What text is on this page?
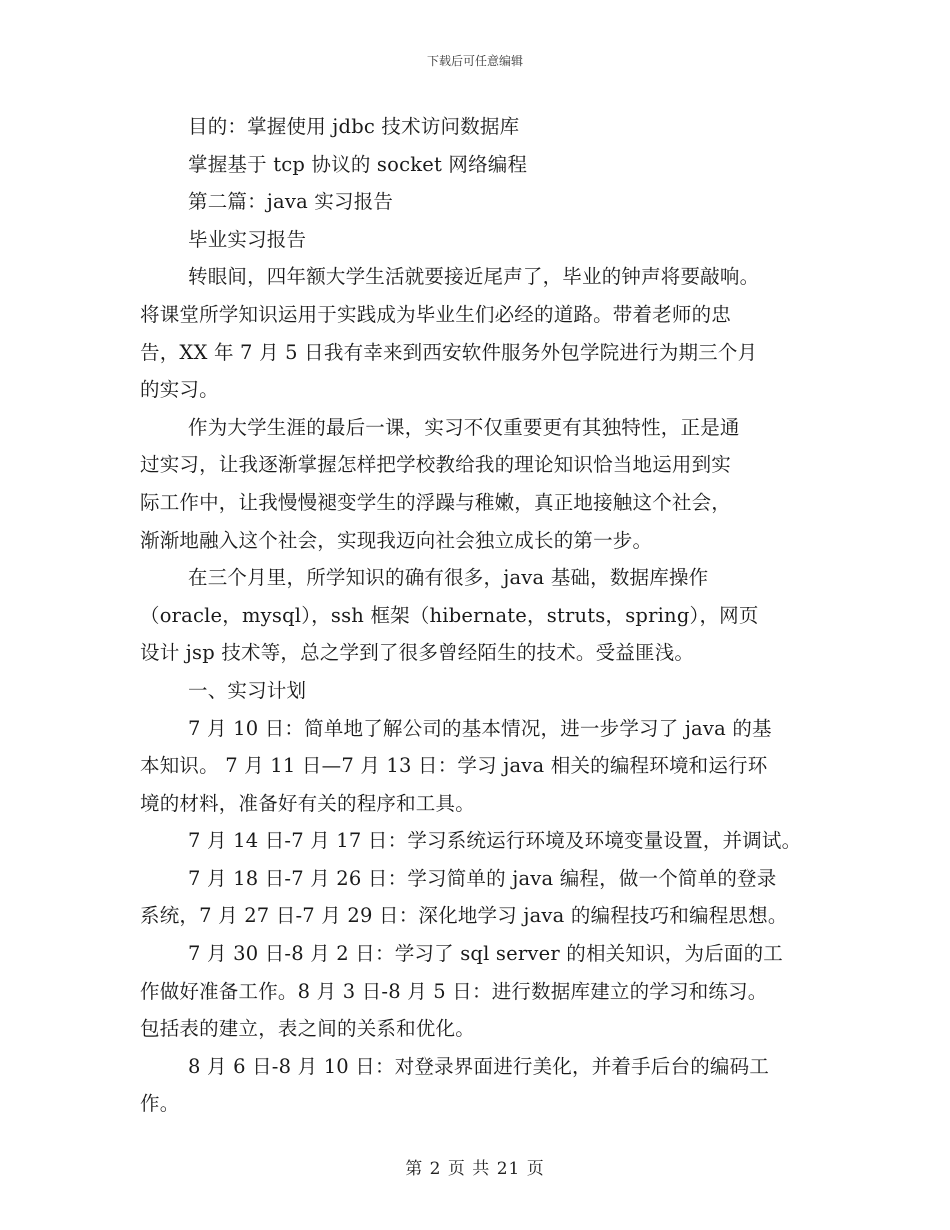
下载后可任意编辑
目的：掌握使用 jdbc 技术访问数据库
掌握基于 tcp 协议的 socket 网络编程
第二篇：java 实习报告
毕业实习报告
转眼间，四年额大学生活就要接近尾声了，毕业的钟声将要敲响。
将课堂所学知识运用于实践成为毕业生们必经的道路。带着老师的忠
告，XX 年 7 月 5 日我有幸来到西安软件服务外包学院进行为期三个月
的实习。
作为大学生涯的最后一课，实习不仅重要更有其独特性，正是通
过实习，让我逐渐掌握怎样把学校教给我的理论知识恰当地运用到实
际工作中，让我慢慢褪变学生的浮躁与稚嫩，真正地接触这个社会，
渐渐地融入这个社会，实现我迈向社会独立成长的第一步。
在三个月里，所学知识的确有很多，java 基础，数据库操作
（oracle，mysql），ssh 框架（hibernate，struts，spring），网页
设计 jsp 技术等，总之学到了很多曾经陌生的技术。受益匪浅。
一、实习计划
7 月 10 日：简单地了解公司的基本情况，进一步学习了 java 的基
本知识。 7 月 11 日—7 月 13 日：学习 java 相关的编程环境和运行环
境的材料，准备好有关的程序和工具。
7 月 14 日-7 月 17 日：学习系统运行环境及环境变量设置，并调试。
7 月 18 日-7 月 26 日：学习简单的 java 编程，做一个简单的登录
系统，7 月 27 日-7 月 29 日：深化地学习 java 的编程技巧和编程思想。
7 月 30 日-8 月 2 日：学习了 sql server 的相关知识，为后面的工
作做好准备工作。8 月 3 日-8 月 5 日：进行数据库建立的学习和练习。
包括表的建立，表之间的关系和优化。
8 月 6 日-8 月 10 日：对登录界面进行美化，并着手后台的编码工
作。
第 2 页 共 21 页
